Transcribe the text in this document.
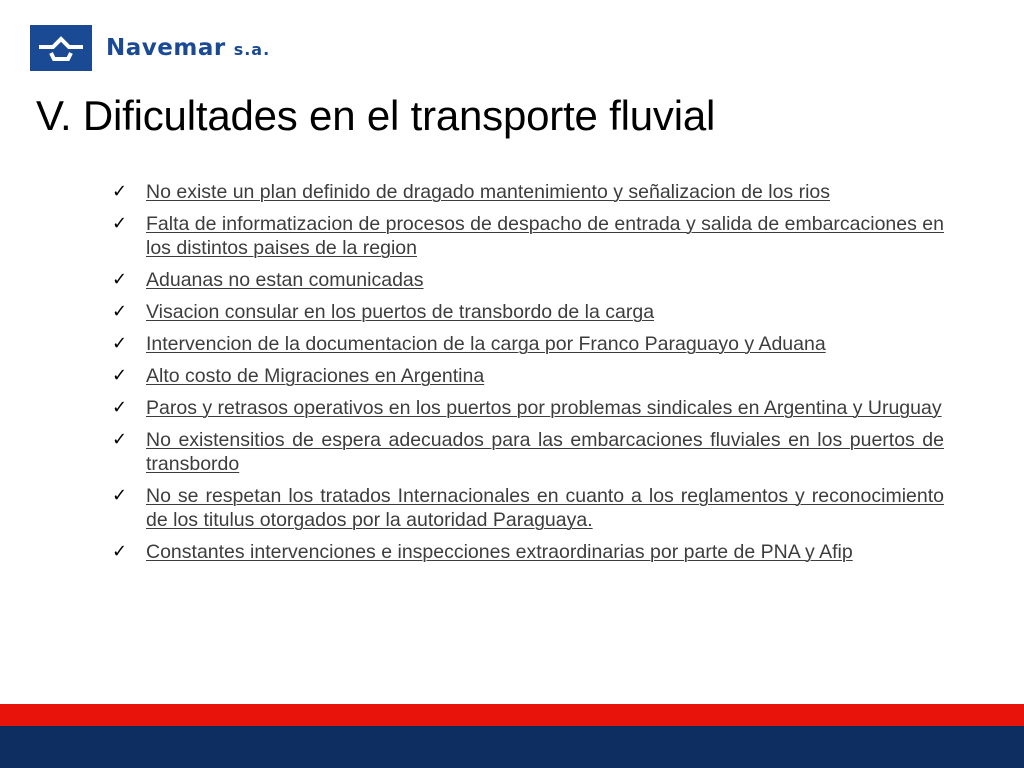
Navemar s.a.
V. Dificultades en el transporte fluvial
✓ No existe un plan definido de dragado mantenimiento y señalizacion de los rios
✓ Falta de informatizacion de procesos de despacho de entrada y salida de embarcaciones en los distintos paises de la region
✓ Aduanas no estan comunicadas
✓ Visacion consular en los puertos de transbordo de la carga
✓ Intervencion de la documentacion de la carga por Franco Paraguayo y Aduana
✓ Alto costo de Migraciones en Argentina
✓ Paros y retrasos operativos en los puertos por problemas sindicales en Argentina y Uruguay
✓ No existensitios de espera adecuados para las embarcaciones fluviales en los puertos de transbordo
✓ No se respetan los tratados Internacionales en cuanto a los reglamentos y reconocimiento de los titulus otorgados por la autoridad Paraguaya.
✓ Constantes intervenciones e inspecciones extraordinarias por parte de PNA y Afip
